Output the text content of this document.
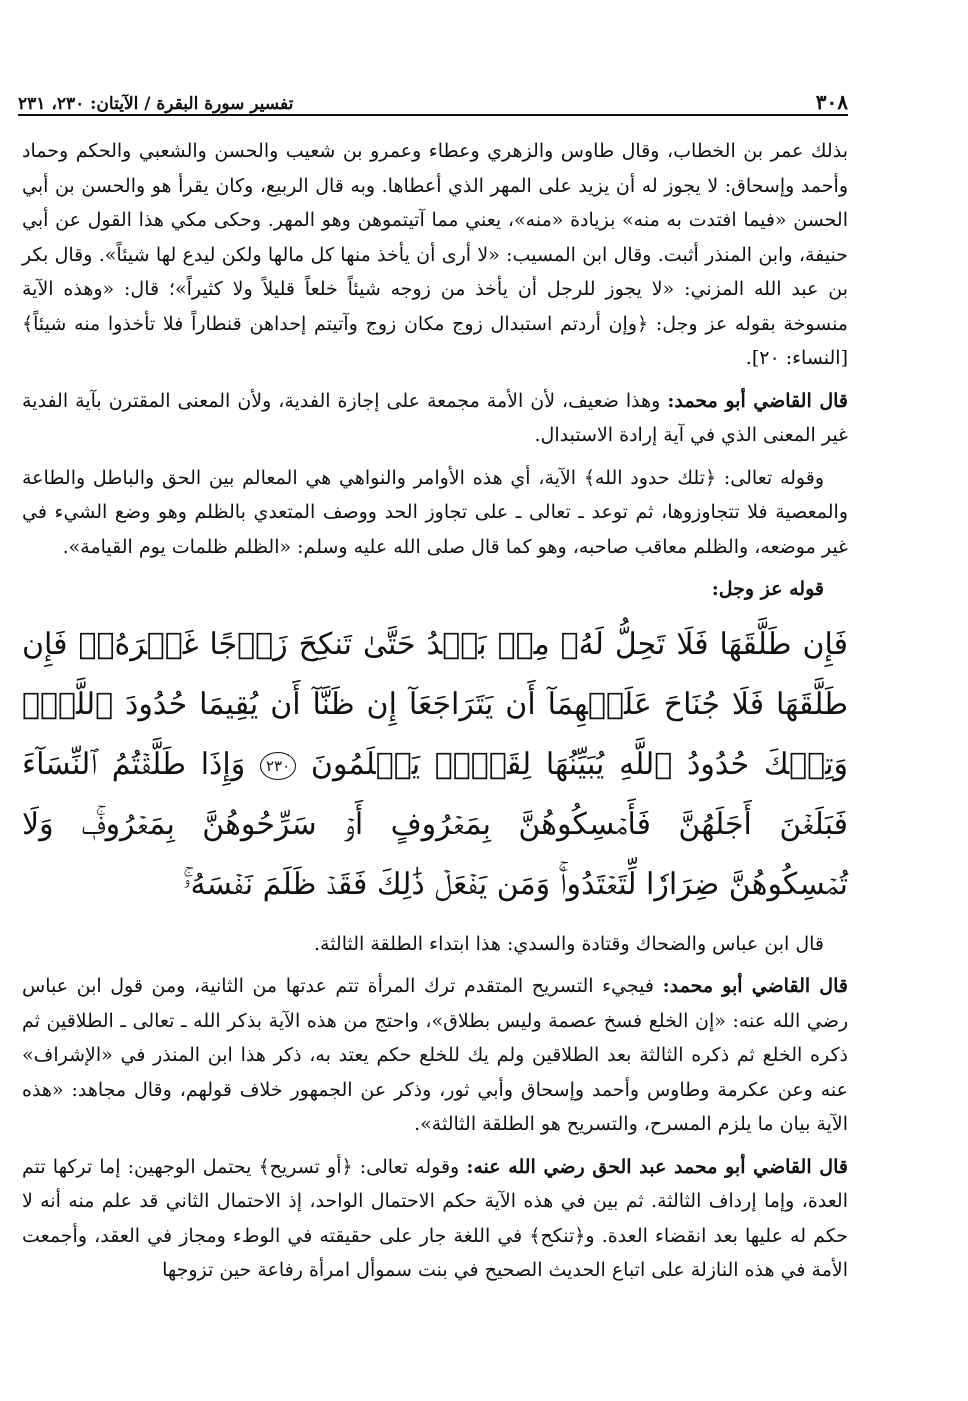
٣٠٨
تفسير سورة البقرة / الآيتان: ٢٣٠، ٢٣١

بذلك عمر بن الخطاب، وقال طاوس والزهري وعطاء وعمرو بن شعيب والحسن والشعبي والحكم وحماد وأحمد وإسحاق: لا يجوز له أن يزيد على المهر الذي أعطاها. وبه قال الربيع، وكان يقرأ هو والحسن بن أبي الحسن «فيما افتدت به منه» بزيادة «منه»، يعني مما آتيتموهن وهو المهر. وحكى مكي هذا القول عن أبي حنيفة، وابن المنذر أثبت. وقال ابن المسيب: «لا أرى أن يأخذ منها كل مالها ولكن ليدع لها شيئاً». وقال بكر بن عبد الله المزني: «لا يجوز للرجل أن يأخذ من زوجه شيئاً خلعاً قليلاً ولا كثيراً»؛ قال: «وهذه الآية منسوخة بقوله عز وجل: ﴿وإن أردتم استبدال زوج مكان زوج وآتيتم إحداهن قنطاراً فلا تأخذوا منه شيئاً﴾ [النساء: ٢٠].

قال القاضي أبو محمد: وهذا ضعيف، لأن الأمة مجمعة على إجازة الفدية، ولأن المعنى المقترن بآية الفدية غير المعنى الذي في آية إرادة الاستبدال.

وقوله تعالى: ﴿تلك حدود الله﴾ الآية، أي هذه الأوامر والنواهي هي المعالم بين الحق والباطل والطاعة والمعصية فلا تتجاوزوها، ثم توعد ـ تعالى ـ على تجاوز الحد ووصف المتعدي بالظلم وهو وضع الشيء في غير موضعه، والظلم معاقب صاحبه، وهو كما قال صلى الله عليه وسلم: «الظلم ظلمات يوم القيامة».

قوله عز وجل:

فَإِن طَلَّقَهَا فَلَا تَحِلُّ لَهُۥ مِنۢ بَعۡدُ حَتَّىٰ تَنكِحَ زَوۡجًا غَيۡرَهُۥۗ فَإِن طَلَّقَهَا فَلَا جُنَاحَ عَلَيۡهِمَآ أَن يَتَرَاجَعَآ إِن ظَنَّآ أَن يُقِيمَا حُدُودَ ٱللَّهِۗ وَتِلۡكَ حُدُودُ ٱللَّهِ يُبَيِّنُهَا لِقَوۡمٖ يَعۡلَمُونَ ٢٣٠ وَإِذَا طَلَّقۡتُمُ ٱلنِّسَآءَ فَبَلَغۡنَ أَجَلَهُنَّ فَأَمۡسِكُوهُنَّ بِمَعۡرُوفٍ أَوۡ سَرِّحُوهُنَّ بِمَعۡرُوفٖۚ وَلَا تُمۡسِكُوهُنَّ ضِرَارٗا لِّتَعۡتَدُواْۚ وَمَن يَفۡعَلۡ ذَٰلِكَ فَقَدۡ ظَلَمَ نَفۡسَهُۥۚ

قال ابن عباس والضحاك وقتادة والسدي: هذا ابتداء الطلقة الثالثة.

قال القاضي أبو محمد: فيجيء التسريح المتقدم ترك المرأة تتم عدتها من الثانية، ومن قول ابن عباس رضي الله عنه: «إن الخلع فسخ عصمة وليس بطلاق»، واحتج من هذه الآية بذكر الله ـ تعالى ـ الطلاقين ثم ذكره الخلع ثم ذكره الثالثة بعد الطلاقين ولم يك للخلع حكم يعتد به، ذكر هذا ابن المنذر في «الإشراف» عنه وعن عكرمة وطاوس وأحمد وإسحاق وأبي ثور، وذكر عن الجمهور خلاف قولهم، وقال مجاهد: «هذه الآية بيان ما يلزم المسرح، والتسريح هو الطلقة الثالثة».

قال القاضي أبو محمد عبد الحق رضي الله عنه: وقوله تعالى: ﴿أو تسريح﴾ يحتمل الوجهين: إما تركها تتم العدة، وإما إرداف الثالثة. ثم بين في هذه الآية حكم الاحتمال الواحد، إذ الاحتمال الثاني قد علم منه أنه لا حكم له عليها بعد انقضاء العدة. و﴿تنكح﴾ في اللغة جار على حقيقته في الوطء ومجاز في العقد، وأجمعت الأمة في هذه النازلة على اتباع الحديث الصحيح في بنت سموأل امرأة رفاعة حين تزوجها
